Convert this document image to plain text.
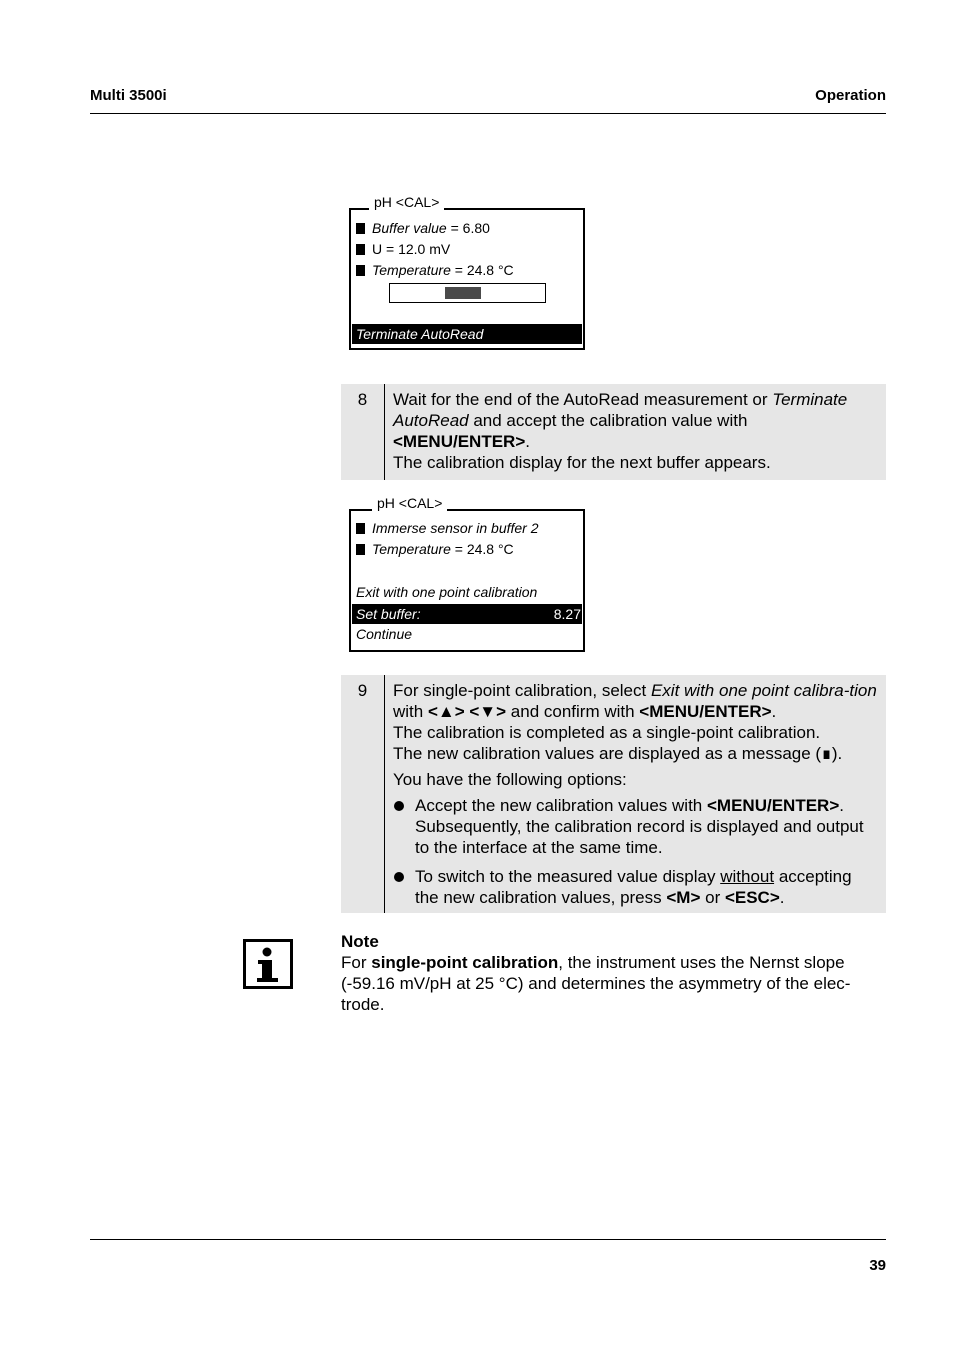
Multi 3500i	Operation
pH <CAL>
Buffer value = 6.80
U = 12.0 mV
Temperature = 24.8 °C
Terminate AutoRead
8	Wait for the end of the AutoRead measurement or Terminate AutoRead and accept the calibration value with <MENU/ENTER>.

The calibration display for the next buffer appears.

pH <CAL>
Immerse sensor in buffer 2
Temperature = 24.8 °C
Exit with one point calibration
Set buffer:	8.27
Continue
9	For single-point calibration, select Exit with one point calibra-tion with <▲> <▼> and confirm with <MENU/ENTER>.

The calibration is completed as a single-point calibration.

The new calibration values are displayed as a message (∎).

You have the following options:

Accept the new calibration values with <MENU/ENTER>. Subsequently, the calibration record is displayed and output to the interface at the same time.

To switch to the measured value display without accepting the new calibration values, press <M> or <ESC>.

Note

For single-point calibration, the instrument uses the Nernst slope (-59.16 mV/pH at 25 °C) and determines the asymmetry of the elec-trode.

39
